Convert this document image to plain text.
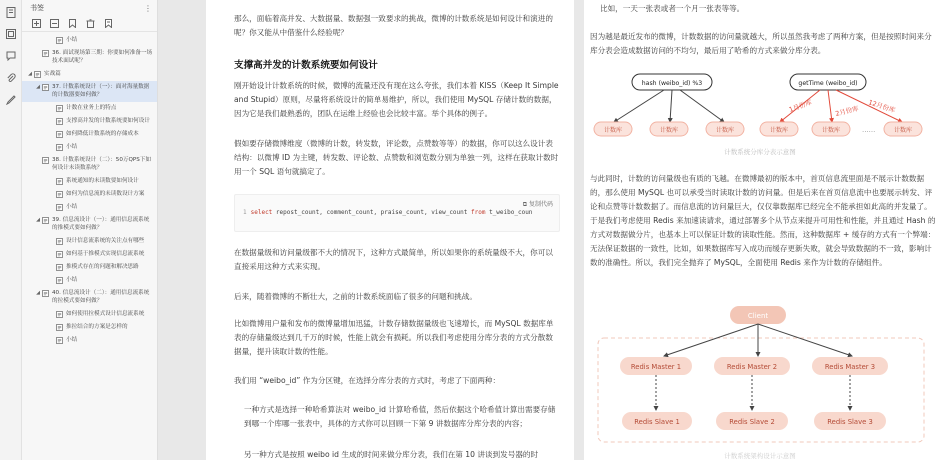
书签	⋮
小结
36. 面试现场第三期：你要如何准备一场技术面试呢？
◢	实战篇
◢	37. 计数系统设计（一）：面对海量数据的计数器要如何做？
计数在业务上的特点
支撑高并发的计数系统要如何设计
如何降低计数系统的存储成本
小结
38. 计数系统设计（二）：50万QPS下如何设计未读数系统？
系统通知的未读数要如何设计
如何为信息流的未读数设计方案
小结
◢	39. 信息流设计（一）：通用信息流系统的推模式要如何做？
设计信息流系统的关注点有哪些
如何基于推模式实现信息流系统
推模式存在的问题和解决思路
小结
◢	40. 信息流设计（二）：通用信息流系统的拉模式要如何做？
如何使用拉模式设计信息流系统
推拉结合的方案是怎样的
小结
那么，面临着高并发、大数据量、数据强一致要求的挑战，微博的计数系统是如何设计和演进的呢？你又能从中借鉴什么经验呢？
支撑高并发的计数系统要如何设计
刚开始设计计数系统的时候，微博的流量还没有现在这么夸张，我们本着 KISS（Keep It Simple and Stupid）原则，尽量将系统设计的简单易维护，所以，我们使用 MySQL 存储计数的数据，因为它是我们最熟悉的，团队在运维上经验也会比较丰富。举个具体的例子。
假如要存储微博维度（微博的计数，转发数，评论数，点赞数等等）的数据，你可以这么设计表结构：以微博 ID 为主键，转发数、评论数、点赞数和浏览数分别为单独一列，这样在获取计数时用一个 SQL 语句就搞定了。
⧉ 复制代码
1 select repost_count, comment_count, praise_count, view_count from t_weibo_coun
在数据量级和访问量级都不大的情况下，这种方式最简单，所以如果你的系统量级不大，你可以直接采用这种方式来实现。
后来，随着微博的不断壮大，之前的计数系统面临了很多的问题和挑战。
比如微博用户量和发布的微博量增加迅猛，计数存储数据量级也飞速增长，而 MySQL 数据库单表的存储量级达到几千万的时候，性能上就会有损耗。所以我们考虑使用分库分表的方式分散数据量，提升读取计数的性能。
我们用 “weibo_id” 作为分区键，在选择分库分表的方式时，考虑了下面两种：
一种方式是选择一种哈希算法对 weibo_id 计算哈希值，然后依据这个哈希值计算出需要存储到哪一个库哪一张表中，具体的方式你可以回顾一下第 9 讲数据库分库分表的内容；
另一种方式是按照 weibo id 生成的时间来做分库分表，我们在第 10 讲谈到发号器的时
比如，一天一张表或者一个月一张表等等。
因为越是最近发布的微博，计数数据的访问量就越大，所以虽然我考虑了两种方案，但是按照时间来分库分表会造成数据访问的不均匀，最后用了哈希的方式来做分库分表。
hash (weibo_id) %3	getTime (weibo_id)
1月份库	2月份库 12月份库
计数库	计数库	计数库	计数库	计数库	......	计数库
计数系统分库分表示意图
与此同时，计数的访问量级也有质的飞越。在微博最初的版本中，首页信息流里面是不展示计数数据的，那么使用 MySQL 也可以承受当时读取计数的访问量。但是后来在首页信息流中也要展示转发、评论和点赞等计数数据了。而信息流的访问量巨大，仅仅靠数据库已经完全不能承担如此高的并发量了。于是我们考虑使用 Redis 来加速读请求，通过部署多个从节点来提升可用性和性能，并且通过 Hash 的方式对数据做分片，也基本上可以保证计数的读取性能。然而，这种数据库 + 缓存的方式有一个弊端：无法保证数据的一致性，比如，如果数据库写入成功而缓存更新失败，就会导致数据的不一致，影响计数的准确性。所以，我们完全抛弃了 MySQL，全面使用 Redis 来作为计数的存储组件。
Client
Redis Master 1	Redis Master 2	Redis Master 3
Redis Slave 1	Redis Slave 2	Redis Slave 3
计数系统架构设计示意图
